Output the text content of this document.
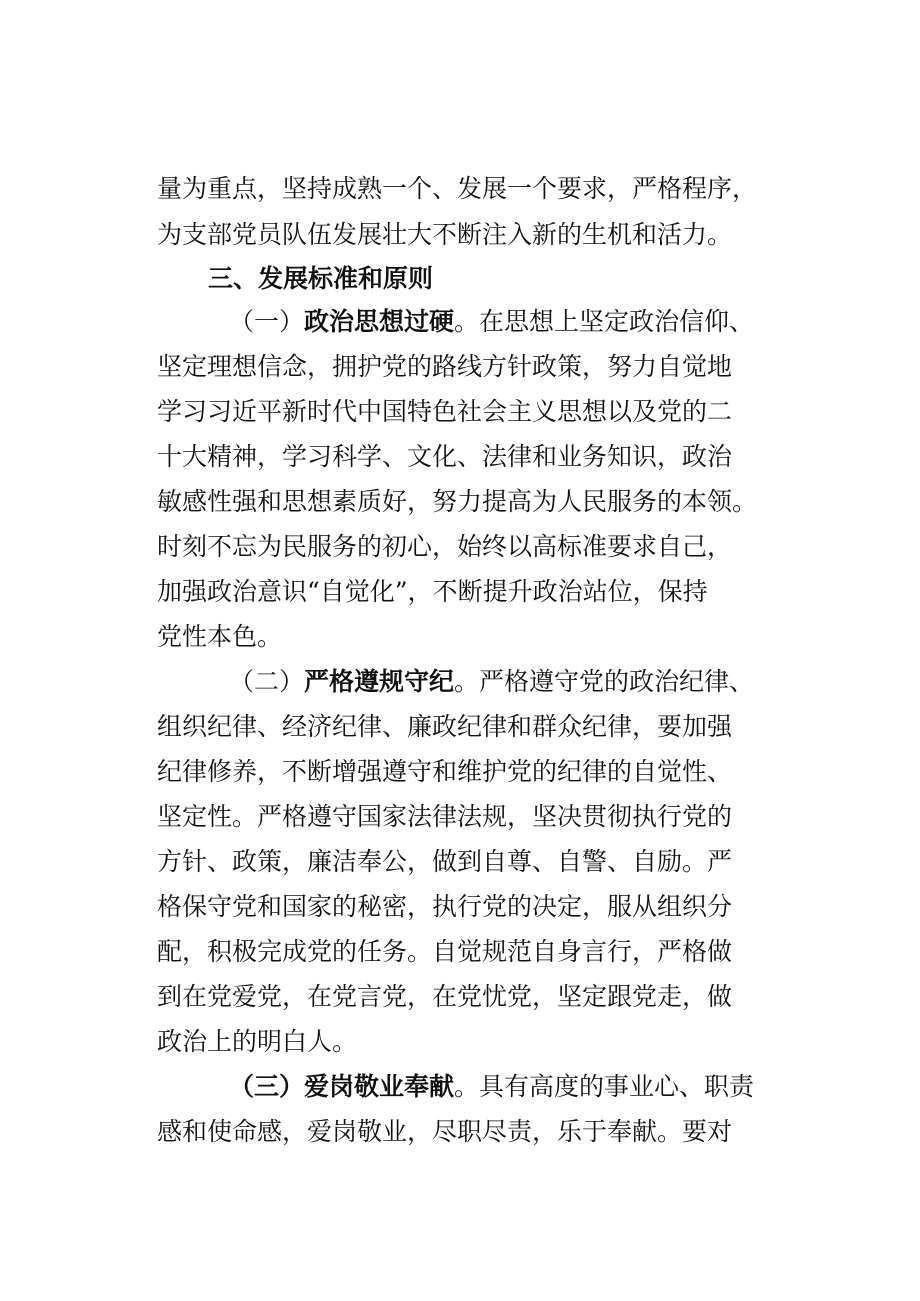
量为重点，坚持成熟一个、发展一个要求，严格程序，
为支部党员队伍发展壮大不断注入新的生机和活力。
三、发展标准和原则
（一）政治思想过硬。在思想上坚定政治信仰、
坚定理想信念，拥护党的路线方针政策，努力自觉地
学习习近平新时代中国特色社会主义思想以及党的二
十大精神，学习科学、文化、法律和业务知识，政治
敏感性强和思想素质好，努力提高为人民服务的本领。
时刻不忘为民服务的初心，始终以高标准要求自己，
加强政治意识“自觉化”，不断提升政治站位，保持
党性本色。
（二）严格遵规守纪。严格遵守党的政治纪律、
组织纪律、经济纪律、廉政纪律和群众纪律，要加强
纪律修养，不断增强遵守和维护党的纪律的自觉性、
坚定性。严格遵守国家法律法规，坚决贯彻执行党的
方针、政策，廉洁奉公，做到自尊、自警、自励。严
格保守党和国家的秘密，执行党的决定，服从组织分
配，积极完成党的任务。自觉规范自身言行，严格做
到在党爱党，在党言党，在党忧党，坚定跟党走，做
政治上的明白人。
（三）爱岗敬业奉献。具有高度的事业心、职责
感和使命感，爱岗敬业，尽职尽责，乐于奉献。要对
